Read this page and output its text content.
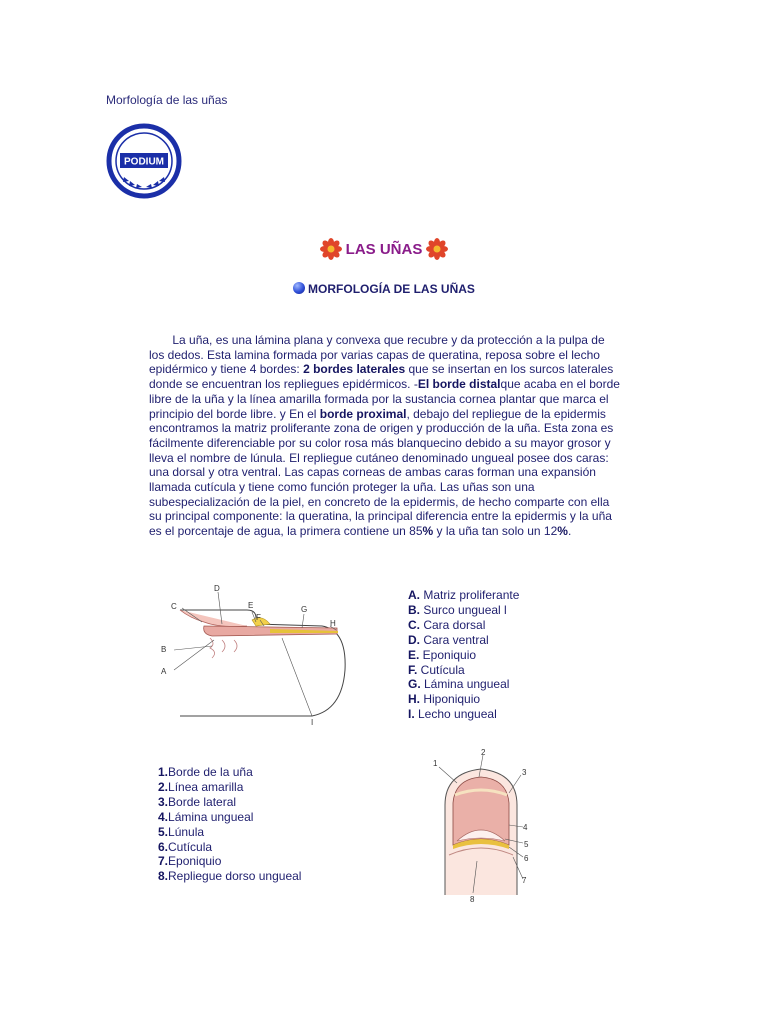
Morfología de las uñas
PODIUM
LAS UÑAS
MORFOLOGÍA DE LAS UÑAS
La uña, es una lámina plana y convexa que recubre y da protección a la pulpa de los dedos. Esta lamina formada por varias capas de queratina, reposa sobre el lecho epidérmico y tiene 4 bordes: 2 bordes laterales que se insertan en los surcos laterales donde se encuentran los repliegues epidérmicos. -El borde distalque acaba en el borde libre de la uña y la línea amarilla formada por la sustancia cornea plantar que marca el principio del borde libre. y En el borde proximal, debajo del repliegue de la epidermis encontramos la matriz proliferante zona de origen y producción de la uña. Esta zona es fácilmente diferenciable por su color rosa más blanquecino debido a su mayor grosor y lleva el nombre de lúnula. El repliegue cutáneo denominado ungueal posee dos caras: una dorsal y otra ventral. Las capas corneas de ambas caras forman una expansión llamada cutícula y tiene como función proteger la uña. Las uñas son una subespecialización de la piel, en concreto de la epidermis, de hecho comparte con ella su principal componente: la queratina, la principal diferencia entre la epidermis y la uña es el porcentaje de agua, la primera contiene un 85% y la uña tan solo un 12%.
C
D
E
F
G
H
B
A
I
A. Matriz proliferante
B. Surco ungueal l
C. Cara dorsal
D. Cara ventral
E. Eponiquio
F. Cutícula
G. Lámina ungueal
H. Hiponiquio
I. Lecho ungueal
1.Borde de la uña
2.Línea amarilla
3.Borde lateral
4.Lámina ungueal
5.Lúnula
6.Cutícula
7.Eponiquio
8.Repliegue dorso ungueal
1
2
3
4
5
6
7
8
